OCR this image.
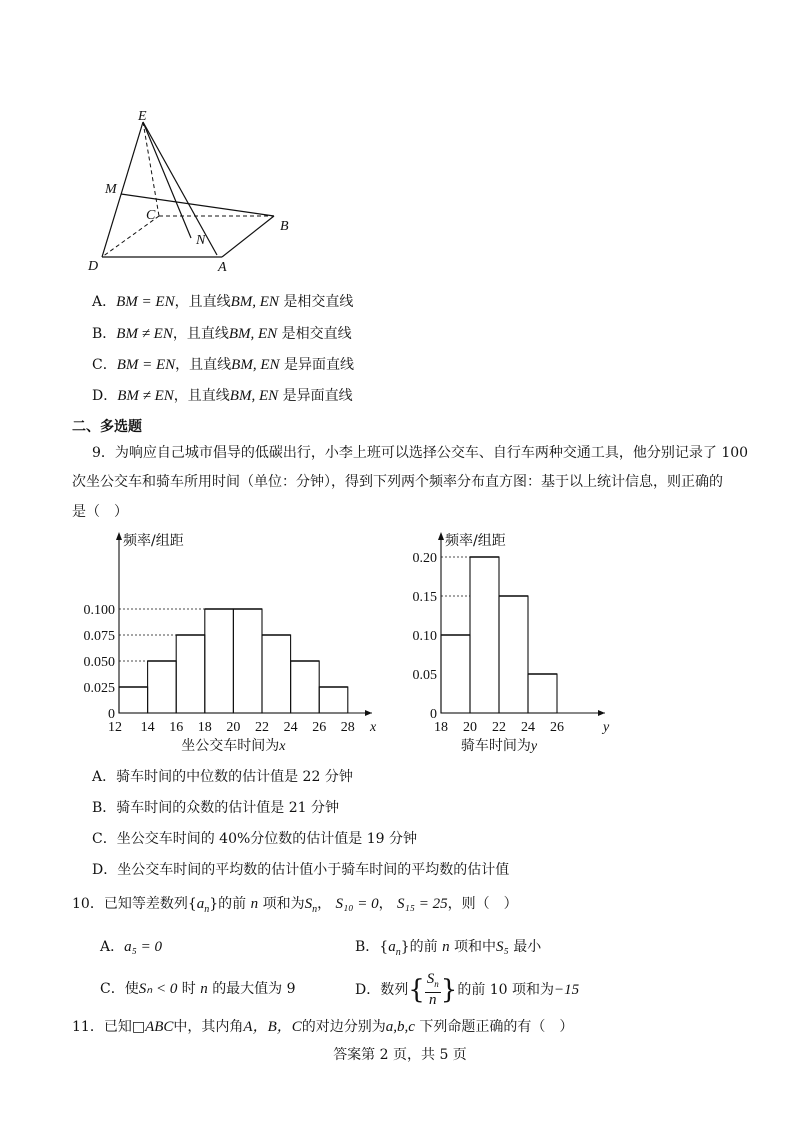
E
M
C
B
N
D	A
A．BM = EN，且直线BM, EN 是相交直线
B．BM ≠ EN，且直线BM, EN 是相交直线
C．BM = EN，且直线BM, EN 是异面直线
D．BM ≠ EN，且直线BM, EN 是异面直线
二、多选题
9．为响应自己城市倡导的低碳出行，小李上班可以选择公交车、自行车两种交通工具，他分别记录了 100
次坐公交车和骑车所用时间（单位：分钟），得到下列两个频率分布直方图：基于以上统计信息，则正确的
是（　）
频率/组距
0
0.025
0.050
0.075
0.100
12 14 16 18 20 22 24 26 28 x
坐公交车时间为x
频率/组距
0
0.05
0.10
0.15
0.20
18 20 22 24 26	y
骑车时间为y
A．骑车时间的中位数的估计值是 22 分钟
B．骑车时间的众数的估计值是 21 分钟
C．坐公交车时间的 40%分位数的估计值是 19 分钟
D．坐公交车时间的平均数的估计值小于骑车时间的平均数的估计值
10．已知等差数列$\{a_n\}$的前 n 项和为$S_n$， S₁₀ = 0， S₁₅ = 25，则（　）
A．a₅ = 0	B．$\{a_n\}$的前 n 项和中S₅ 最小
C．使Sₙ < 0 时 n 的最大值为 9	D．数列{ $\frac{S_n}{n}$ }的前 10 项和为−15
11．已知□ABC中，其内角A，B，C的对边分别为a,b,c 下列命题正确的有（　）
答案第 2 页，共 5 页
